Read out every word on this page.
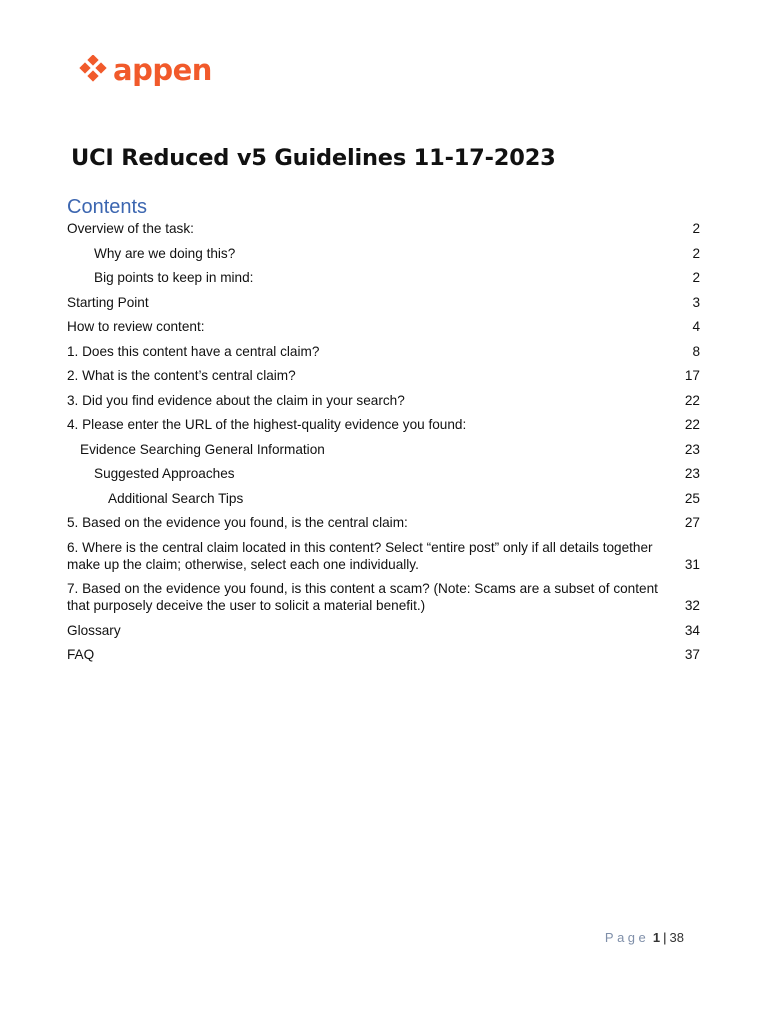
appen
UCI Reduced v5 Guidelines 11-17-2023
Contents
Overview of the task:	2
Why are we doing this?	2
Big points to keep in mind:	2
Starting Point	3
How to review content:	4
1. Does this content have a central claim?	8
2. What is the content’s central claim?	17
3. Did you find evidence about the claim in your search?	22
4. Please enter the URL of the highest-quality evidence you found:	22
Evidence Searching General Information	23
Suggested Approaches	23
Additional Search Tips	25
5. Based on the evidence you found, is the central claim:	27
6. Where is the central claim located in this content? Select “entire post” only if all details together make up the claim; otherwise, select each one individually.	31
7. Based on the evidence you found, is this content a scam? (Note: Scams are a subset of content that purposely deceive the user to solicit a material benefit.)	32
Glossary	34
FAQ	37
Page 1 | 38
